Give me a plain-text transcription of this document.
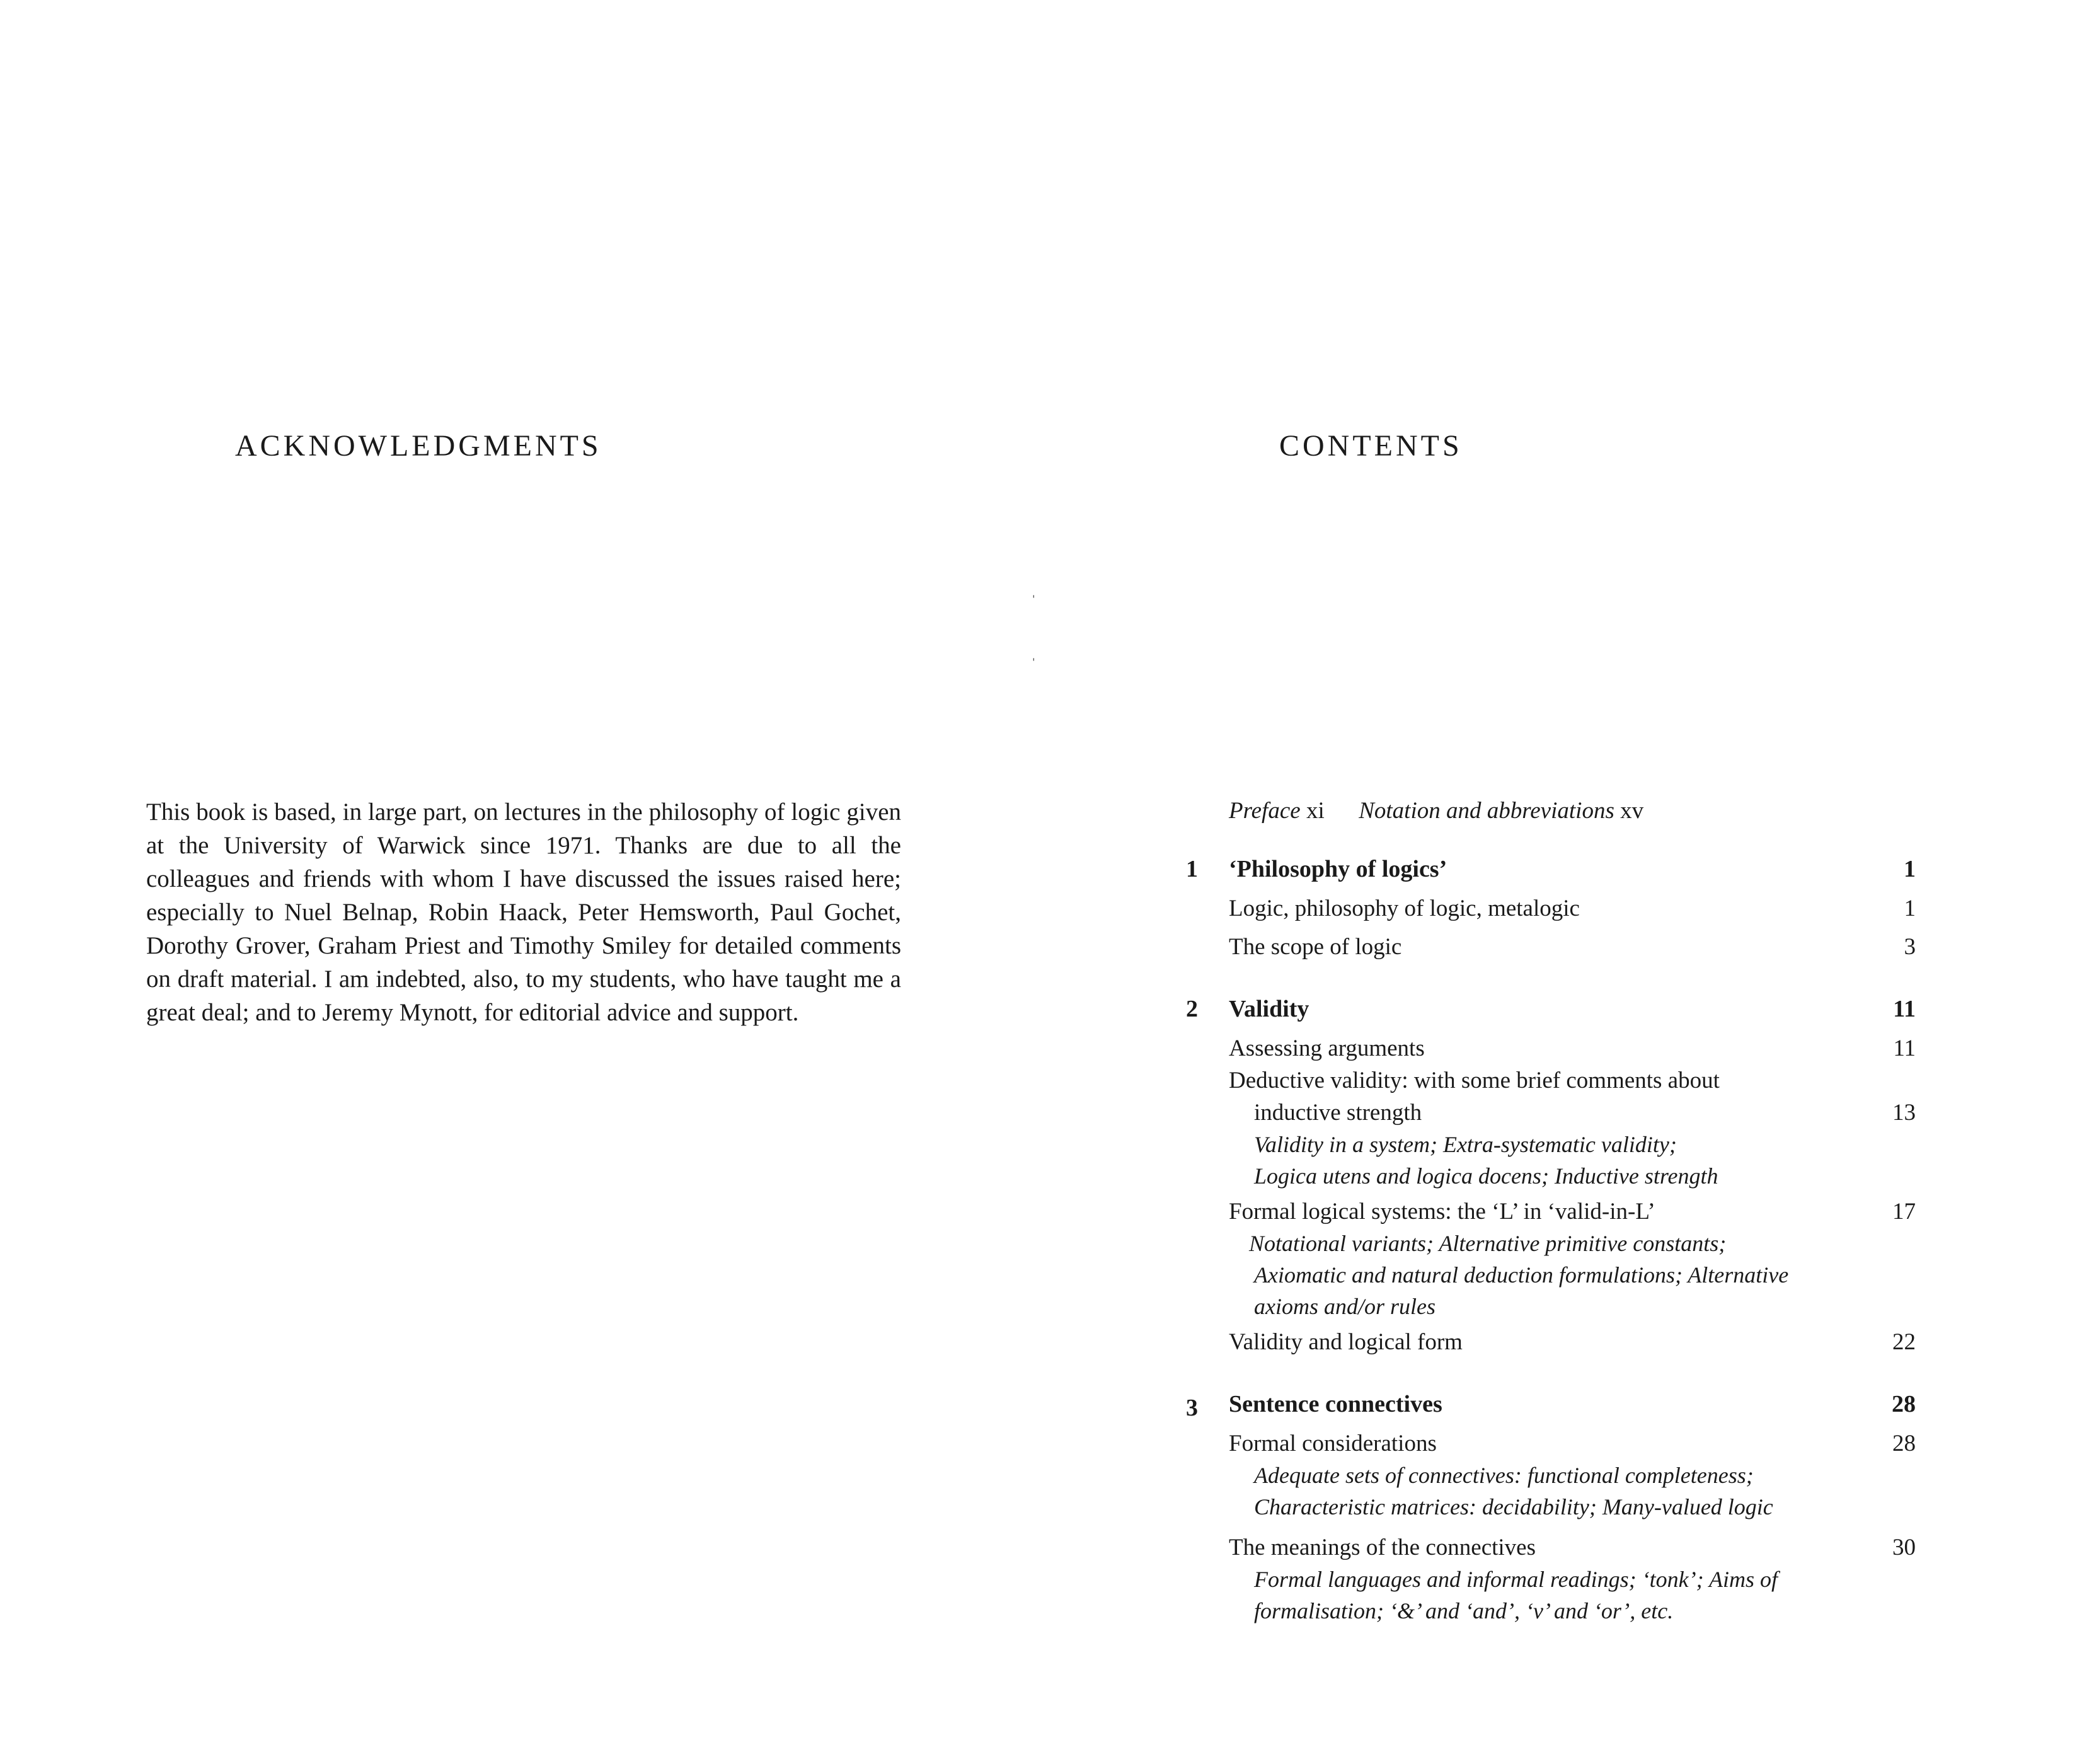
ACKNOWLEDGMENTS

This book is based, in large part, on lectures in the philosophy of logic given at the University of Warwick since 1971. Thanks are due to all the colleagues and friends with whom I have discussed the issues raised here; especially to Nuel Belnap, Robin Haack, Peter Hemsworth, Paul Gochet, Dorothy Grover, Graham Priest and Timothy Smiley for detailed comments on draft material. I am indebted, also, to my students, who have taught me a great deal; and to Jeremy Mynott, for editorial advice and support.

ˌ
ˌ
CONTENTS
Preface xi Notation and abbreviations xv
1	‘Philosophy of logics’	1
Logic, philosophy of logic, metalogic	1
The scope of logic	3
2	Validity	11
Assessing arguments	11
Deductive validity: with some brief comments about
inductive strength	13
Validity in a system; Extra-systematic validity;
Logica utens and logica docens; Inductive strength
Formal logical systems: the ‘L’ in ‘valid-in-L’	17
Notational variants; Alternative primitive constants;
Axiomatic and natural deduction formulations; Alternative
axioms and/or rules
Validity and logical form	22
3	Sentence connectives	28
Formal considerations	28
Adequate sets of connectives: functional completeness;
Characteristic matrices: decidability; Many-valued logic
The meanings of the connectives	30
Formal languages and informal readings; ‘tonk’; Aims of
formalisation; ‘&’ and ‘and’, ‘v’ and ‘or’, etc.
